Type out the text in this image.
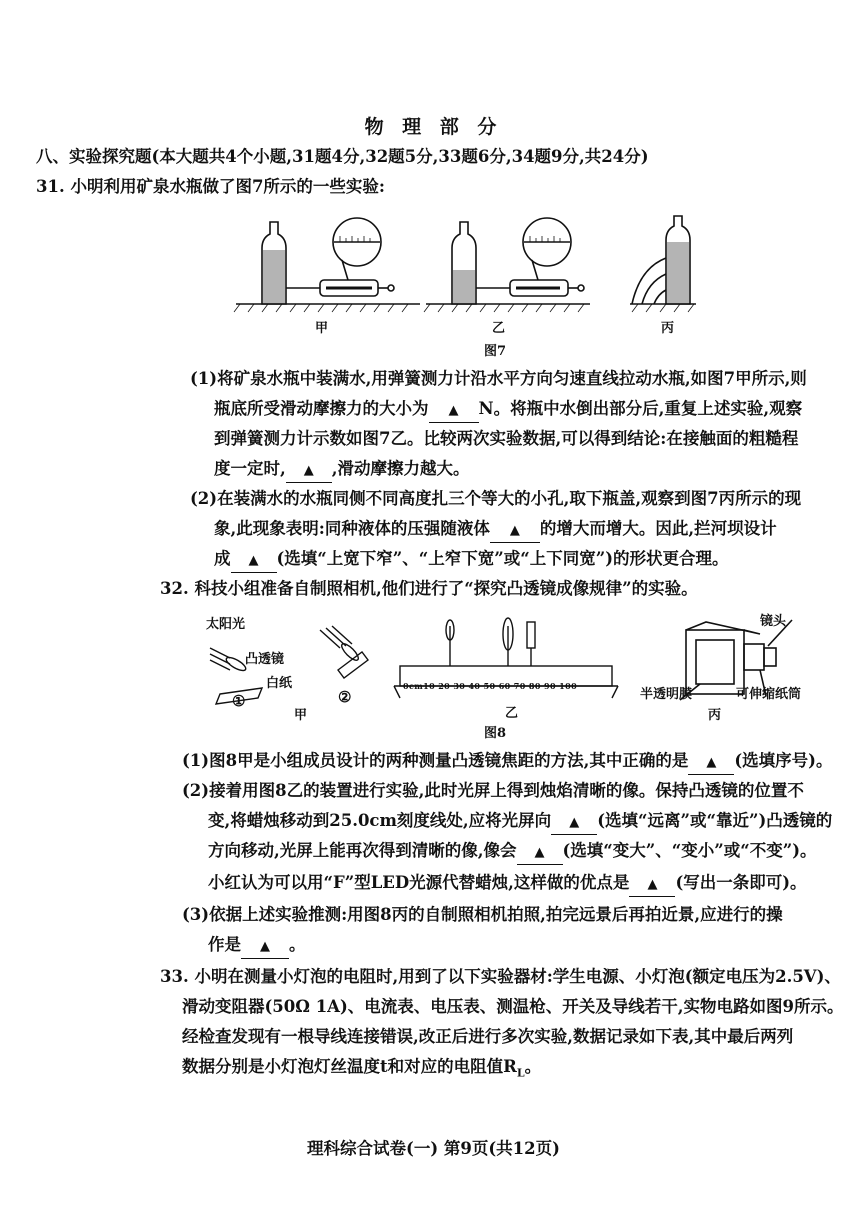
物 理 部 分
八、实验探究题(本大题共4个小题,31题4分,32题5分,33题6分,34题9分,共24分)
31. 小明利用矿泉水瓶做了图7所示的一些实验:
甲	乙	丙
图7
(1)将矿泉水瓶中装满水,用弹簧测力计沿水平方向匀速直线拉动水瓶,如图7甲所示,则
瓶底所受滑动摩擦力的大小为 ▲ N。将瓶中水倒出部分后,重复上述实验,观察
到弹簧测力计示数如图7乙。比较两次实验数据,可以得到结论:在接触面的粗糙程
度一定时, ▲ ,滑动摩擦力越大。
(2)在装满水的水瓶同侧不同高度扎三个等大的小孔,取下瓶盖,观察到图7丙所示的现
象,此现象表明:同种液体的压强随液体 ▲ 的增大而增大。因此,拦河坝设计
成 ▲ (选填“上宽下窄”、“上窄下宽”或“上下同宽”)的形状更合理。
32. 科技小组准备自制照相机,他们进行了“探究凸透镜成像规律”的实验。
太阳光
凸透镜
白纸
①	②
甲
0cm10 20 30 40 50 60 70 80 90 100
乙
图8
镜头
半透明膜	可伸缩纸筒
丙
(1)图8甲是小组成员设计的两种测量凸透镜焦距的方法,其中正确的是 ▲ (选填序号)。
(2)接着用图8乙的装置进行实验,此时光屏上得到烛焰清晰的像。保持凸透镜的位置不
变,将蜡烛移动到25.0cm刻度线处,应将光屏向 ▲ (选填“远离”或“靠近”)凸透镜的
方向移动,光屏上能再次得到清晰的像,像会 ▲ (选填“变大”、“变小”或“不变”)。
小红认为可以用“F”型LED光源代替蜡烛,这样做的优点是 ▲ (写出一条即可)。
(3)依据上述实验推测:用图8丙的自制照相机拍照,拍完远景后再拍近景,应进行的操
作是 ▲ 。
33. 小明在测量小灯泡的电阻时,用到了以下实验器材:学生电源、小灯泡(额定电压为2.5V)、
滑动变阻器(50Ω 1A)、电流表、电压表、测温枪、开关及导线若干,实物电路如图9所示。
经检查发现有一根导线连接错误,改正后进行多次实验,数据记录如下表,其中最后两列
数据分别是小灯泡灯丝温度t和对应的电阻值$R_L$。
理科综合试卷(一) 第9页(共12页)
